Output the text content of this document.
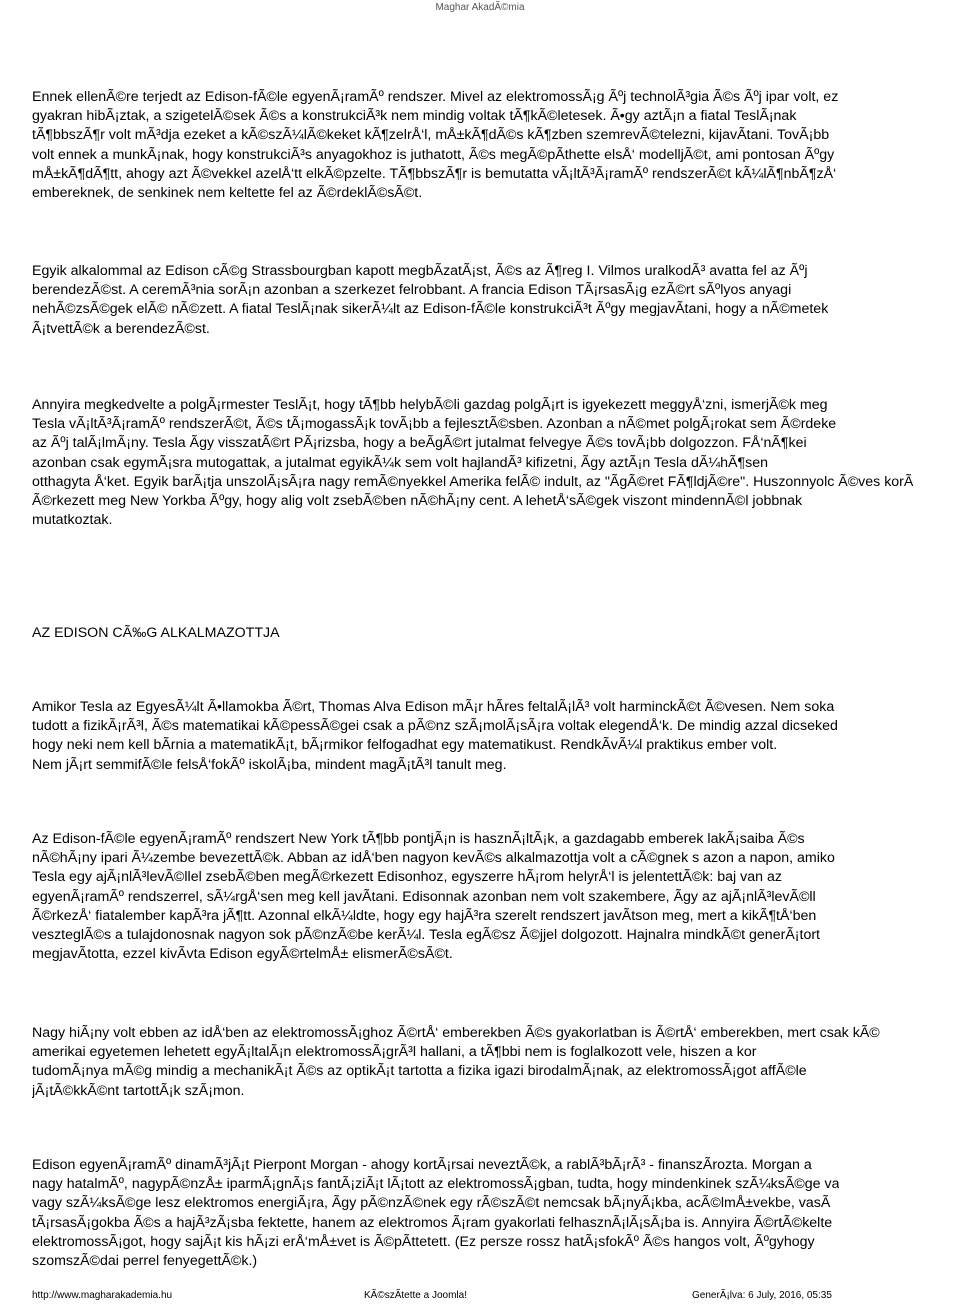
Maghar AkadÃ©mia

Ennek ellenÃ©re terjedt az Edison-fÃ©le egyenÃ¡ramÃº rendszer. Mivel az elektromossÃ¡g Ãºj technolÃ³gia Ã©s Ãºj ipar volt, ez
gyakran hibÃ¡ztak, a szigetelÃ©sek Ã©s a konstrukciÃ³k nem mindig voltak tÃ¶kÃ©letesek. Ã•gy aztÃ¡n a fiatal TeslÃ¡nak
tÃ¶bbszÃ¶r volt mÃ³dja ezeket a kÃ©szÃ¼lÃ©keket kÃ¶zelrÅ‘l, mÅ±kÃ¶dÃ©s kÃ¶zben szemrevÃ©telezni, kijavÃtani. TovÃ¡bb
volt ennek a munkÃ¡nak, hogy konstrukciÃ³s anyagokhoz is juthatott, Ã©s megÃ©pÃthette elsÅ‘ modelljÃ©t, ami pontosan Ãºgy
mÅ±kÃ¶dÃ¶tt, ahogy azt Ã©vekkel azelÅ‘tt elkÃ©pzelte. TÃ¶bbszÃ¶r is bemutatta vÃ¡ltÃ³Ã¡ramÃº rendszerÃ©t kÃ¼lÃ¶nbÃ¶zÅ‘
embereknek, de senkinek nem keltette fel az Ã©rdeklÃ©sÃ©t.

Egyik alkalommal az Edison cÃ©g Strassbourgban kapott megbÃzatÃ¡st, Ã©s az Ã¶reg I. Vilmos uralkodÃ³ avatta fel az Ãºj
berendezÃ©st. A ceremÃ³nia sorÃ¡n azonban a szerkezet felrobbant. A francia Edison TÃ¡rsasÃ¡g ezÃ©rt sÃºlyos anyagi
nehÃ©zsÃ©gek elÃ© nÃ©zett. A fiatal TeslÃ¡nak sikerÃ¼lt az Edison-fÃ©le konstrukciÃ³t Ãºgy megjavÃtani, hogy a nÃ©metek
Ã¡tvettÃ©k a berendezÃ©st.

Annyira megkedvelte a polgÃ¡rmester TeslÃ¡t, hogy tÃ¶bb helybÃ©li gazdag polgÃ¡rt is igyekezett meggyÅ‘zni, ismerjÃ©k meg
Tesla vÃ¡ltÃ³Ã¡ramÃº rendszerÃ©t, Ã©s tÃ¡mogassÃ¡k tovÃ¡bb a fejlesztÃ©sben. Azonban a nÃ©met polgÃ¡rokat sem Ã©rdeke
az Ãºj talÃ¡lmÃ¡ny. Tesla Ãgy visszatÃ©rt PÃ¡rizsba, hogy a beÃgÃ©rt jutalmat felvegye Ã©s tovÃ¡bb dolgozzon. FÅ‘nÃ¶kei
azonban csak egymÃ¡sra mutogattak, a jutalmat egyikÃ¼k sem volt hajlandÃ³ kifizetni, Ãgy aztÃ¡n Tesla dÃ¼hÃ¶sen
otthagyta Å‘ket. Egyik barÃ¡tja unszolÃ¡sÃ¡ra nagy remÃ©nyekkel Amerika felÃ© indult, az "ÃgÃ©ret FÃ¶ldjÃ©re". Huszonnyolc Ã©ves korÃ
Ã©rkezett meg New Yorkba Ãºgy, hogy alig volt zsebÃ©ben nÃ©hÃ¡ny cent. A lehetÅ‘sÃ©gek viszont mindennÃ©l jobbnak
mutatkoztak.

AZ EDISON CÃ‰G ALKALMAZOTTJA

Amikor Tesla az EgyesÃ¼lt Ã•llamokba Ã©rt, Thomas Alva Edison mÃ¡r hÃres feltalÃ¡lÃ³ volt harminckÃ©t Ã©vesen. Nem soka
tudott a fizikÃ¡rÃ³l, Ã©s matematikai kÃ©pessÃ©gei csak a pÃ©nz szÃ¡molÃ¡sÃ¡ra voltak elegendÅ‘k. De mindig azzal dicseked
hogy neki nem kell bÃrnia a matematikÃ¡t, bÃ¡rmikor felfogadhat egy matematikust. RendkÃvÃ¼l praktikus ember volt.
Nem jÃ¡rt semmifÃ©le felsÅ‘fokÃº iskolÃ¡ba, mindent magÃ¡tÃ³l tanult meg.

Az Edison-fÃ©le egyenÃ¡ramÃº rendszert New York tÃ¶bb pontjÃ¡n is hasznÃ¡ltÃ¡k, a gazdagabb emberek lakÃ¡saiba Ã©s
nÃ©hÃ¡ny ipari Ã¼zembe bevezettÃ©k. Abban az idÅ‘ben nagyon kevÃ©s alkalmazottja volt a cÃ©gnek s azon a napon, amiko
Tesla egy ajÃ¡nlÃ³levÃ©llel zsebÃ©ben megÃ©rkezett Edisonhoz, egyszerre hÃ¡rom helyrÅ‘l is jelentettÃ©k: baj van az
egyenÃ¡ramÃº rendszerrel, sÃ¼rgÅ‘sen meg kell javÃtani. Edisonnak azonban nem volt szakembere, Ãgy az ajÃ¡nlÃ³levÃ©ll
Ã©rkezÅ‘ fiatalember kapÃ³ra jÃ¶tt. Azonnal elkÃ¼ldte, hogy egy hajÃ³ra szerelt rendszert javÃtson meg, mert a kikÃ¶tÅ‘ben
veszteglÃ©s a tulajdonosnak nagyon sok pÃ©nzÃ©be kerÃ¼l. Tesla egÃ©sz Ã©jjel dolgozott. Hajnalra mindkÃ©t generÃ¡tort
megjavÃtotta, ezzel kivÃvta Edison egyÃ©rtelmÅ± elismerÃ©sÃ©t.

Nagy hiÃ¡ny volt ebben az idÅ‘ben az elektromossÃ¡ghoz Ã©rtÅ‘ emberekben Ã©s gyakorlatban is Ã©rtÅ‘ emberekben, mert csak kÃ©
amerikai egyetemen lehetett egyÃ¡ltalÃ¡n elektromossÃ¡grÃ³l hallani, a tÃ¶bbi nem is foglalkozott vele, hiszen a kor
tudomÃ¡nya mÃ©g mindig a mechanikÃ¡t Ã©s az optikÃ¡t tartotta a fizika igazi birodalmÃ¡nak, az elektromossÃ¡got affÃ©le
jÃ¡tÃ©kkÃ©nt tartottÃ¡k szÃ¡mon.

Edison egyenÃ¡ramÃº dinamÃ³jÃ¡t Pierpont Morgan - ahogy kortÃ¡rsai neveztÃ©k, a rablÃ³bÃ¡rÃ³ - finanszÃrozta. Morgan a
nagy hatalmÃº, nagypÃ©nzÅ± iparmÃ¡gnÃ¡s fantÃ¡ziÃ¡t lÃ¡tott az elektromossÃ¡gban, tudta, hogy mindenkinek szÃ¼ksÃ©ge va
vagy szÃ¼ksÃ©ge lesz elektromos energiÃ¡ra, Ãgy pÃ©nzÃ©nek egy rÃ©szÃ©t nemcsak bÃ¡nyÃ¡kba, acÃ©lmÅ±vekbe, vasÃ
tÃ¡rsasÃ¡gokba Ã©s a hajÃ³zÃ¡sba fektette, hanem az elektromos Ã¡ram gyakorlati felhasznÃ¡lÃ¡sÃ¡ba is. Annyira Ã©rtÃ©kelte
elektromossÃ¡got, hogy sajÃ¡t kis hÃ¡zi erÅ‘mÅ±vet is Ã©pÃttetett. (Ez persze rossz hatÃ¡sfokÃº Ã©s hangos volt, Ãºgyhogy
szomszÃ©dai perrel fenyegettÃ©k.)

http://www.magharakademia.hu	KÃ©szÃtette a Joomla!	GenerÃ¡lva: 6 July, 2016, 05:35
